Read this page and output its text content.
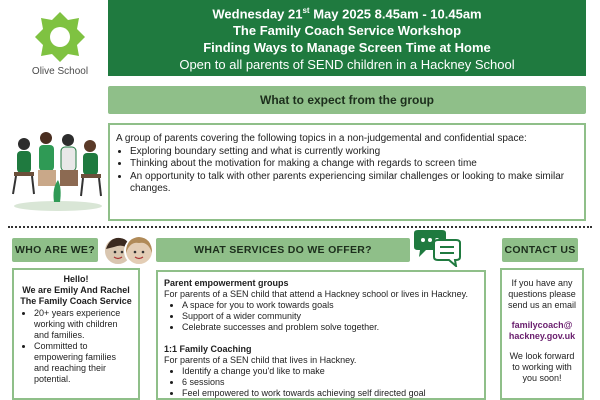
Olive School
Wednesday 21st May 2025 8.45am - 10.45am
The Family Coach Service Workshop
Finding Ways to Manage Screen Time at Home
Open to all parents of SEND children in a Hackney School
What to expect from the group
A group of parents covering the following topics in a non-judgemental and confidential space:
• Exploring boundary setting and what is currently working
• Thinking about the motivation for making a change with regards to screen time
• An opportunity to talk with other parents experiencing similar challenges or looking to make similar changes.
WHO ARE WE?	WHAT SERVICES DO WE OFFER?	CONTACT US
Hello!
We are Emily And Rachel
The Family Coach Service
• 20+ years experience working with children and families.
• Committed to empowering families and reaching their potential.
Parent empowerment groups
For parents of a SEN child that attend a Hackney school or lives in Hackney.
• A space for you to work towards goals
• Support of a wider community
• Celebrate successes and problem solve together.
1:1 Family Coaching
For parents of a SEN child that lives in Hackney.
• Identify a change you'd like to make
• 6 sessions
• Feel empowered to work towards achieving self directed goal

If you have any questions please send us an email

familycoach@ hackney.gov.uk

We look forward to working with you soon!
